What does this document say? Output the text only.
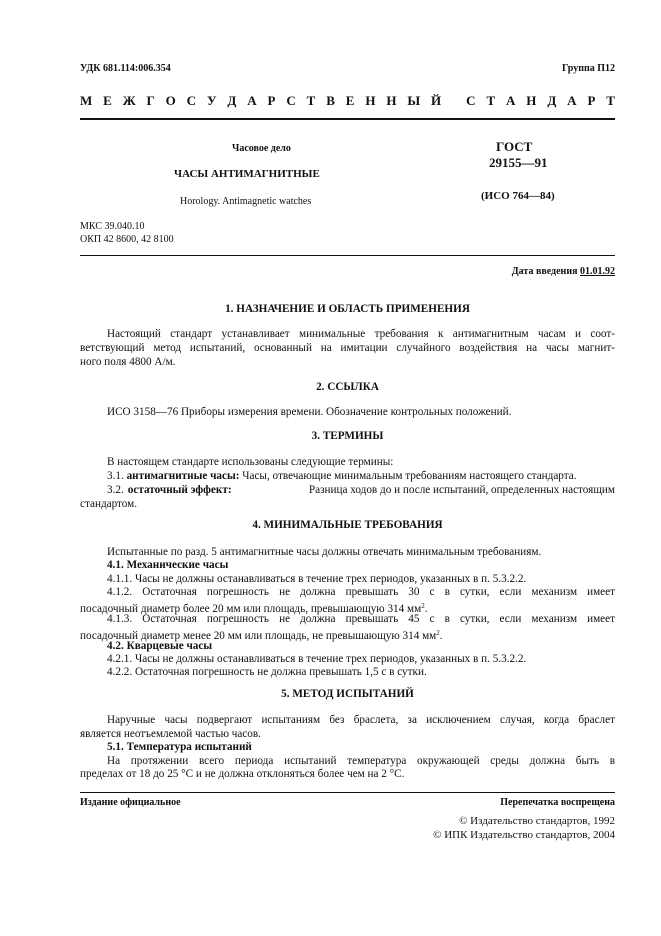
УДК 681.114:006.354	Группа П12
М Е Ж Г О С У Д А Р С Т В Е Н Н Ы Й
С Т А Н Д А Р Т
Часовое дело
ЧАСЫ АНТИМАГНИТНЫЕ
Horology. Antimagnetic watches
ГОСТ
29155—91
(ИСО 764—84)
МКС 39.040.10
ОКП 42 8600, 42 8100
Дата введения 01.01.92
1. НАЗНАЧЕНИЕ И ОБЛАСТЬ ПРИМЕНЕНИЯ
Настоящий стандарт устанавливает минимальные требования к антимагнитным часам и соот-
ветствующий метод испытаний, основанный на имитации случайного воздействия на часы магнит-
ного поля 4800 А/м.
2. ССЫЛКА
ИСО 3158—76 Приборы измерения времени. Обозначение контрольных положений.
3. ТЕРМИНЫ
В настоящем стандарте использованы следующие термины:
3.1. антимагнитные часы: Часы, отвечающие минимальным требованиям настоящего стандарта.
3.2. остаточный эффект:	Разница ходов до и после испытаний, определенных настоящим
стандартом.
4. МИНИМАЛЬНЫЕ ТРЕБОВАНИЯ
Испытанные по разд. 5 антимагнитные часы должны отвечать минимальным требованиям.
4.1. Механические часы
4.1.1. Часы не должны останавливаться в течение трех периодов, указанных в п. 5.3.2.2.
4.1.2. Остаточная погрешность не должна превышать 30 с в сутки, если механизм имеет
посадочный диаметр более 20 мм или площадь, превышающую 314 $мм^2$.
4.1.3. Остаточная погрешность не должна превышать 45 с в сутки, если механизм имеет
посадочный диаметр менее 20 мм или площадь, не превышающую 314 $мм^2$.
4.2. Кварцевые часы
4.2.1. Часы не должны останавливаться в течение трех периодов, указанных в п. 5.3.2.2.
4.2.2. Остаточная погрешность не должна превышать 1,5 с в сутки.
5. МЕТОД ИСПЫТАНИЙ
Наручные часы подвергают испытаниям без браслета, за исключением случая, когда браслет
является неотъемлемой частью часов.
5.1. Температура испытаний
На протяжении всего периода испытаний температура окружающей среды должна быть в
пределах от 18 до 25 °С и не должна отклоняться более чем на 2 °С.
Издание официальное	Перепечатка воспрещена
© Издательство стандартов, 1992
© ИПК Издательство стандартов, 2004
